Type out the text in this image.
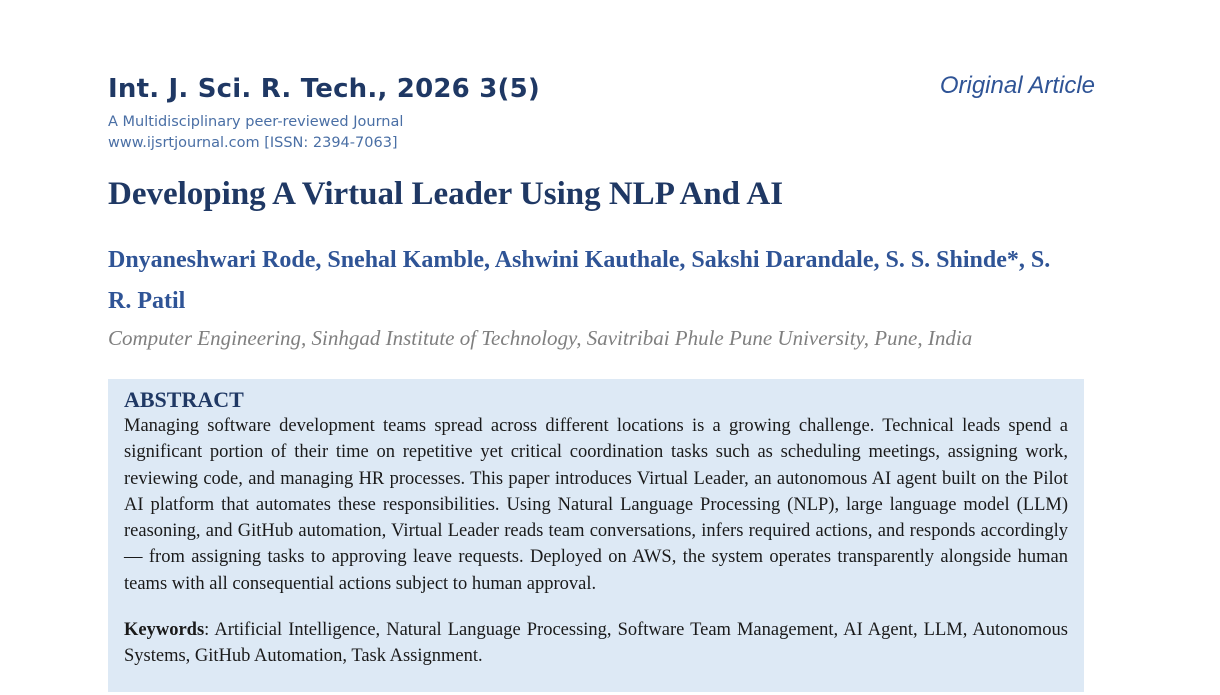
Int. J. Sci. R. Tech., 2026 3(5)
A Multidisciplinary peer-reviewed Journal
www.ijsrtjournal.com [ISSN: 2394-7063]
Original Article
Developing A Virtual Leader Using NLP And AI
Dnyaneshwari Rode, Snehal Kamble, Ashwini Kauthale, Sakshi Darandale, S. S. Shinde*, S. R. Patil
Computer Engineering, Sinhgad Institute of Technology, Savitribai Phule Pune University, Pune, India
ABSTRACT

Managing software development teams spread across different locations is a growing challenge. Technical leads spend a significant portion of their time on repetitive yet critical coordination tasks such as scheduling meetings, assigning work, reviewing code, and managing HR processes. This paper introduces Virtual Leader, an autonomous AI agent built on the Pilot AI platform that automates these responsibilities. Using Natural Language Processing (NLP), large language model (LLM) reasoning, and GitHub automation, Virtual Leader reads team conversations, infers required actions, and responds accordingly — from assigning tasks to approving leave requests. Deployed on AWS, the system operates transparently alongside human teams with all consequential actions subject to human approval.

Keywords: Artificial Intelligence, Natural Language Processing, Software Team Management, AI Agent, LLM, Autonomous Systems, GitHub Automation, Task Assignment.
